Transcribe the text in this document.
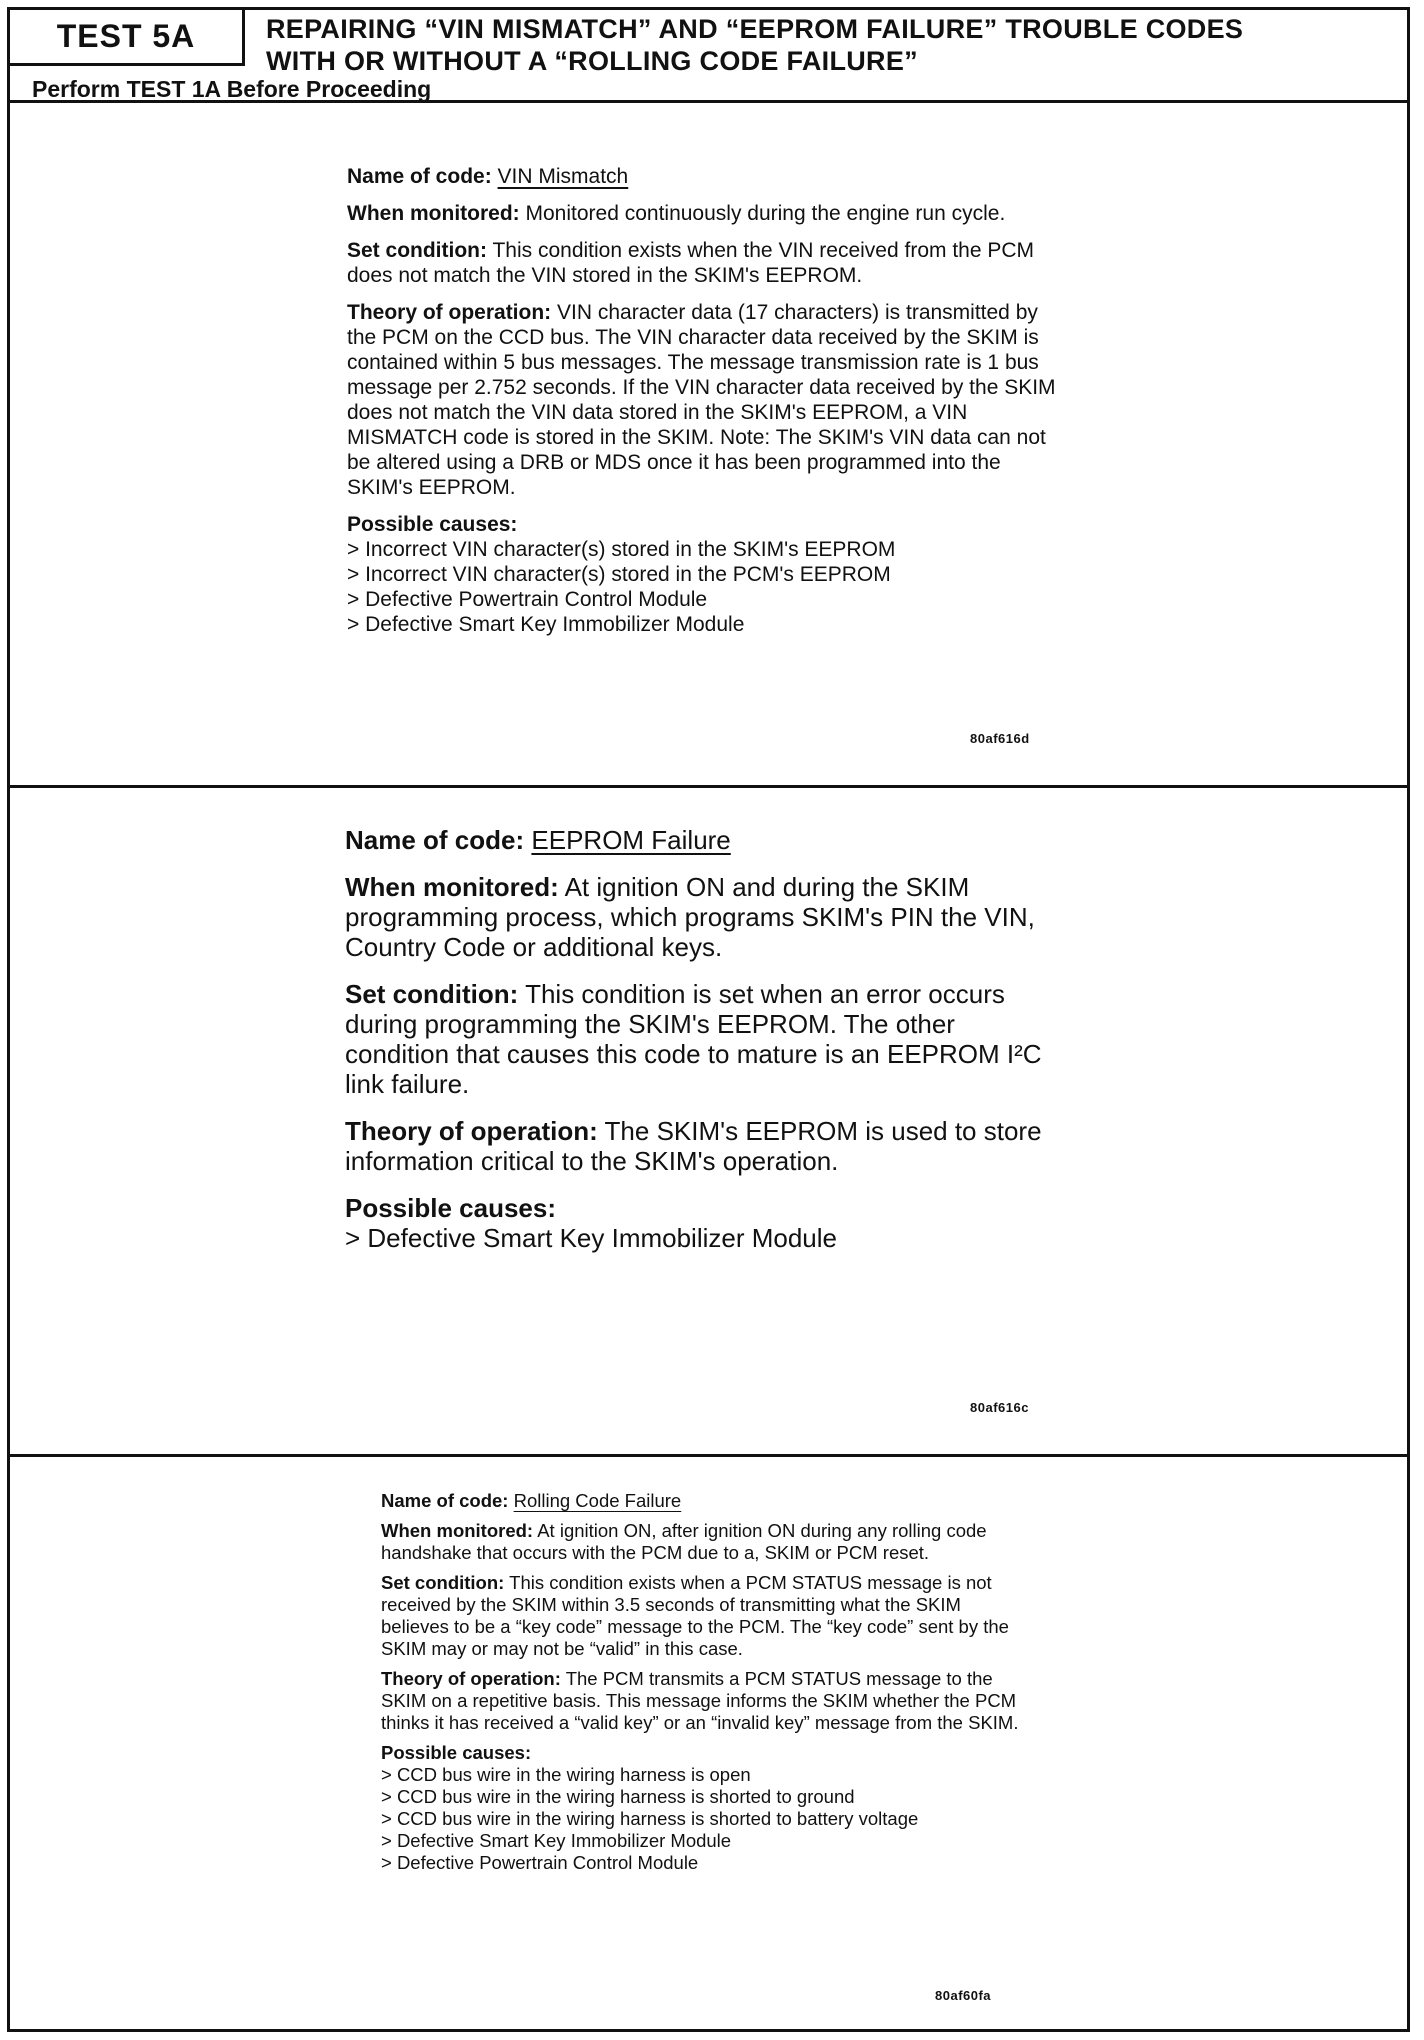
TEST 5A	REPAIRING “VIN MISMATCH” AND “EEPROM FAILURE” TROUBLE CODES
WITH OR WITHOUT A “ROLLING CODE FAILURE”
Perform TEST 1A Before Proceeding
Name of code: VIN Mismatch
When monitored: Monitored continuously during the engine run cycle.
Set condition: This condition exists when the VIN received from the PCM does not match the VIN stored in the SKIM's EEPROM.
Theory of operation: VIN character data (17 characters) is transmitted by the PCM on the CCD bus. The VIN character data received by the SKIM is contained within 5 bus messages. The message transmission rate is 1 bus message per 2.752 seconds. If the VIN character data received by the SKIM does not match the VIN data stored in the SKIM's EEPROM, a VIN MISMATCH code is stored in the SKIM. Note: The SKIM's VIN data can not be altered using a DRB or MDS once it has been programmed into the SKIM's EEPROM.
Possible causes:
> Incorrect VIN character(s) stored in the SKIM's EEPROM
> Incorrect VIN character(s) stored in the PCM's EEPROM
> Defective Powertrain Control Module
> Defective Smart Key Immobilizer Module
80af616d
Name of code: EEPROM Failure
When monitored: At ignition ON and during the SKIM programming process, which programs SKIM's PIN the VIN, Country Code or additional keys.
Set condition: This condition is set when an error occurs during programming the SKIM's EEPROM. The other condition that causes this code to mature is an EEPROM I²C link failure.
Theory of operation: The SKIM's EEPROM is used to store information critical to the SKIM's operation.
Possible causes:
> Defective Smart Key Immobilizer Module
80af616c
Name of code: Rolling Code Failure
When monitored: At ignition ON, after ignition ON during any rolling code handshake that occurs with the PCM due to a, SKIM or PCM reset.
Set condition: This condition exists when a PCM STATUS message is not received by the SKIM within 3.5 seconds of transmitting what the SKIM believes to be a “key code” message to the PCM. The “key code” sent by the SKIM may or may not be “valid” in this case.
Theory of operation: The PCM transmits a PCM STATUS message to the SKIM on a repetitive basis. This message informs the SKIM whether the PCM thinks it has received a “valid key” or an “invalid key” message from the SKIM.
Possible causes:
> CCD bus wire in the wiring harness is open
> CCD bus wire in the wiring harness is shorted to ground
> CCD bus wire in the wiring harness is shorted to battery voltage
> Defective Smart Key Immobilizer Module
> Defective Powertrain Control Module
80af60fa
